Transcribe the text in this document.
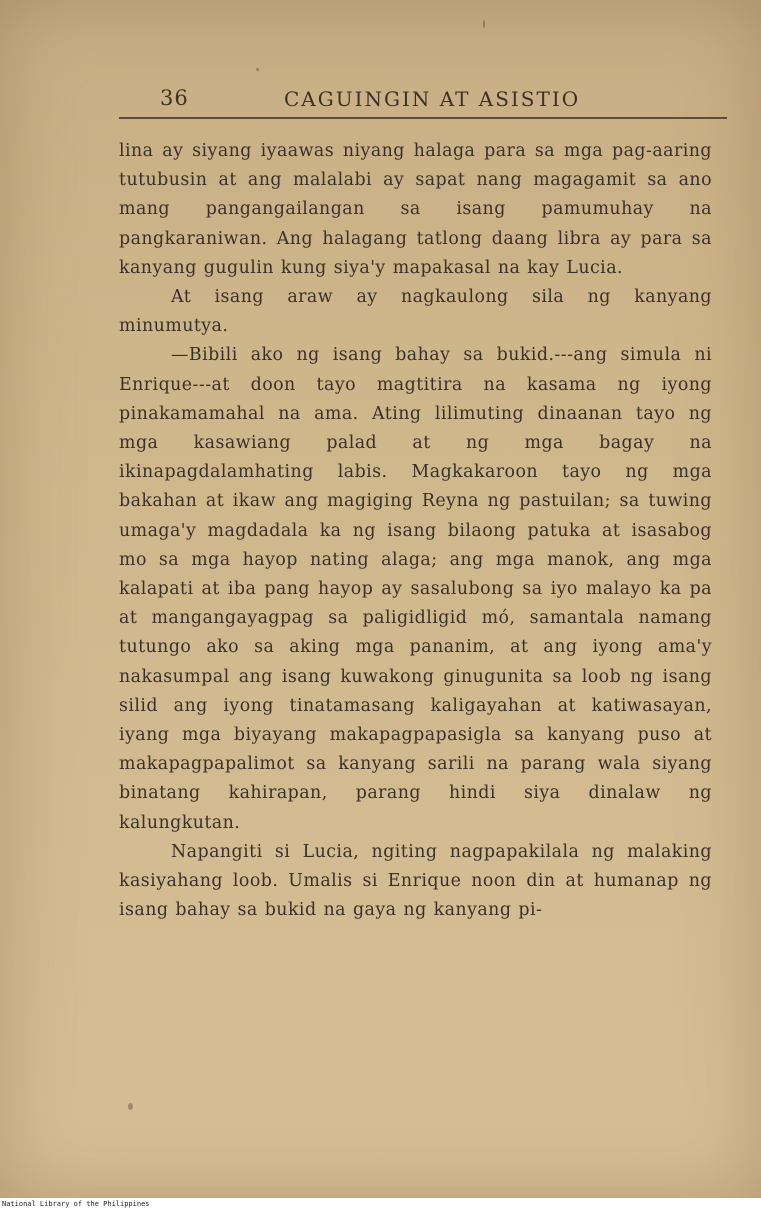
36	CAGUINGIN AT ASISTIO

lina ay siyang iyaawas niyang halaga para sa mga pag-aaring tutubusin at ang malalabi ay sapat nang magagamit sa ano mang pangangailangan sa isang pamumuhay na pangkaraniwan. Ang halagang tatlong daang libra ay para sa kanyang gugulin kung siya'y mapakasal na kay Lucia.

At isang araw ay nagkaulong sila ng kanyang minumutya.

—Bibili ako ng isang bahay sa bukid.---ang simula ni Enrique---at doon tayo magtitira na kasama ng iyong pinakamamahal na ama. Ating lilimuting dinaanan tayo ng mga kasawiang palad at ng mga bagay na ikinapagdalamhating labis. Magkakaroon tayo ng mga bakahan at ikaw ang magiging Reyna ng pastuilan; sa tuwing umaga'y magdadala ka ng isang bilaong patuka at isasabog mo sa mga hayop nating alaga; ang mga manok, ang mga kalapati at iba pang hayop ay sasalubong sa iyo malayo ka pa at mangangayagpag sa paligidligid mó, samantala namang tutungo ako sa aking mga pananim, at ang iyong ama'y nakasumpal ang isang kuwakong ginugunita sa loob ng isang silid ang iyong tinatamasang kaligayahan at katiwasayan, iyang mga biyayang makapagpapasigla sa kanyang puso at makapagpapalimot sa kanyang sarili na parang wala siyang binatang kahirapan, parang hindi siya dinalaw ng kalungkutan.

Napangiti si Lucia, ngiting nagpapakilala ng malaking kasiyahang loob. Umalis si Enrique noon din at humanap ng isang bahay sa bukid na gaya ng kanyang pi-

National Library of the Philippines
